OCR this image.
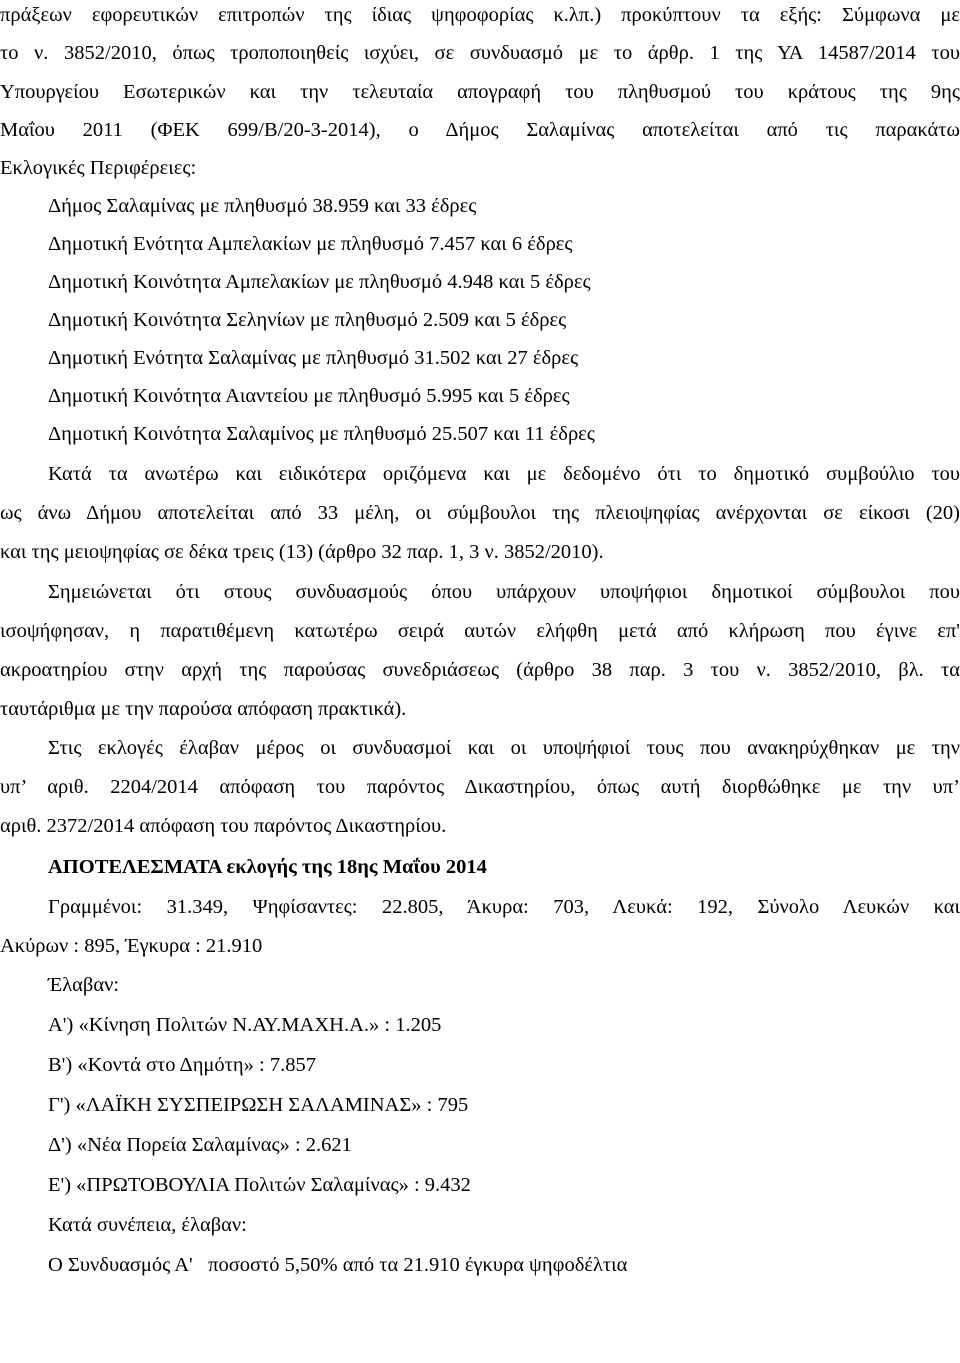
πράξεων εφορευτικών επιτροπών της ίδιας ψηφοφορίας κ.λπ.) προκύπτουν τα εξής: Σύμφωνα με
το ν. 3852/2010, όπως τροποποιηθείς ισχύει, σε συνδυασμό με το άρθρ. 1 της ΥΑ 14587/2014 του
Υπουργείου Εσωτερικών και την τελευταία απογραφή του πληθυσμού του κράτους της 9ης
Μαΐου 2011 (ΦΕΚ 699/Β/20-3-2014), ο Δήμος Σαλαμίνας αποτελείται από τις παρακάτω
Εκλογικές Περιφέρειες:
Δήμος Σαλαμίνας με πληθυσμό 38.959 και 33 έδρες
Δημοτική Ενότητα Αμπελακίων με πληθυσμό 7.457 και 6 έδρες
Δημοτική Κοινότητα Αμπελακίων με πληθυσμό 4.948 και 5 έδρες
Δημοτική Κοινότητα Σεληνίων με πληθυσμό 2.509 και 5 έδρες
Δημοτική Ενότητα Σαλαμίνας με πληθυσμό 31.502 και 27 έδρες
Δημοτική Κοινότητα Αιαντείου με πληθυσμό 5.995 και 5 έδρες
Δημοτική Κοινότητα Σαλαμίνος με πληθυσμό 25.507 και 11 έδρες
Κατά τα ανωτέρω και ειδικότερα οριζόμενα και με δεδομένο ότι το δημοτικό συμβούλιο του
ως άνω Δήμου αποτελείται από 33 μέλη, οι σύμβουλοι της πλειοψηφίας ανέρχονται σε είκοσι (20)
και της μειοψηφίας σε δέκα τρεις (13) (άρθρο 32 παρ. 1, 3 ν. 3852/2010).
Σημειώνεται ότι στους συνδυασμούς όπου υπάρχουν υποψήφιοι δημοτικοί σύμβουλοι που
ισοψήφησαν, η παρατιθέμενη κατωτέρω σειρά αυτών ελήφθη μετά από κλήρωση που έγινε επ'
ακροατηρίου στην αρχή της παρούσας συνεδριάσεως (άρθρο 38 παρ. 3 του ν. 3852/2010, βλ. τα
ταυτάριθμα με την παρούσα απόφαση πρακτικά).
Στις εκλογές έλαβαν μέρος οι συνδυασμοί και οι υποψήφιοί τους που ανακηρύχθηκαν με την
υπ’ αριθ. 2204/2014 απόφαση του παρόντος Δικαστηρίου, όπως αυτή διορθώθηκε με την υπ’
αριθ. 2372/2014 απόφαση του παρόντος Δικαστηρίου.
ΑΠΟΤΕΛΕΣΜΑΤΑ εκλογής της 18ης Μαΐου 2014
Γραμμένοι: 31.349, Ψηφίσαντες: 22.805, Άκυρα: 703, Λευκά: 192, Σύνολο Λευκών και
Ακύρων : 895, Έγκυρα : 21.910
Έλαβαν:
Α') «Κίνηση Πολιτών Ν.ΑΥ.ΜΑΧΗ.Α.» : 1.205
Β') «Κοντά στο Δημότη» : 7.857
Γ') «ΛΑΪΚΗ ΣΥΣΠΕΙΡΩΣΗ ΣΑΛΑΜΙΝΑΣ» : 795
Δ') «Νέα Πορεία Σαλαμίνας» : 2.621
Ε') «ΠΡΩΤΟΒΟΥΛΙΑ Πολιτών Σαλαμίνας» : 9.432
Κατά συνέπεια, έλαβαν:
Ο Συνδυασμός Α'   ποσοστό 5,50% από τα 21.910 έγκυρα ψηφοδέλτια
